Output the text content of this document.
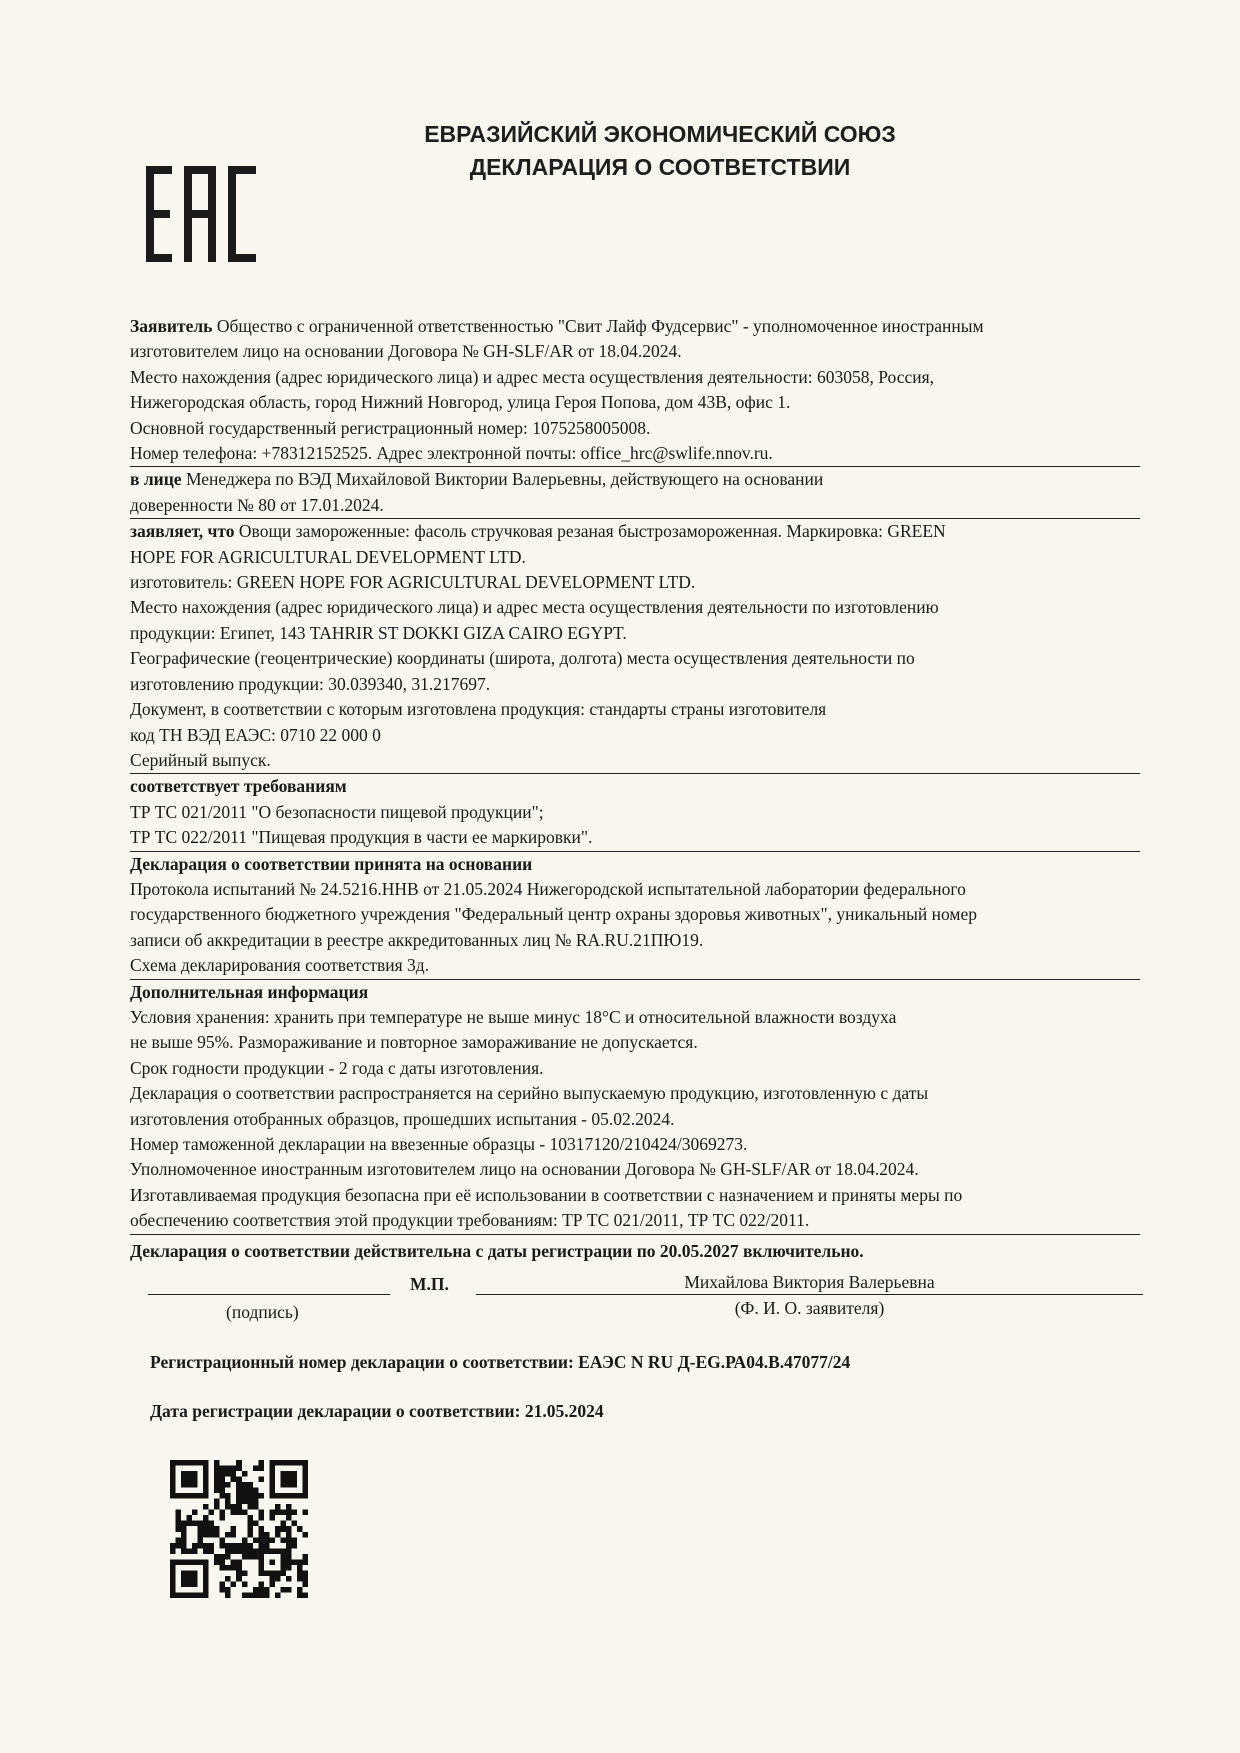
ЕВРАЗИЙСКИЙ ЭКОНОМИЧЕСКИЙ СОЮЗ
ДЕКЛАРАЦИЯ О СООТВЕТСТВИИ
Заявитель Общество с ограниченной ответственностью "Свит Лайф Фудсервис" - уполномоченное иностранным
изготовителем лицо на основании Договора № GH-SLF/AR от 18.04.2024.
Место нахождения (адрес юридического лица) и адрес места осуществления деятельности: 603058, Россия,
Нижегородская область, город Нижний Новгород, улица Героя Попова, дом 43В, офис 1.
Основной государственный регистрационный номер: 1075258005008.
Номер телефона: +78312152525. Адрес электронной почты: office_hrc@swlife.nnov.ru.
в лице Менеджера по ВЭД Михайловой Виктории Валерьевны, действующего на основании
доверенности № 80 от 17.01.2024.
заявляет, что Овощи замороженные: фасоль стручковая резаная быстрозамороженная. Маркировка: GREEN
HOPE FOR AGRICULTURAL DEVELOPMENT LTD.
изготовитель: GREEN HOPE FOR AGRICULTURAL DEVELOPMENT LTD.
Место нахождения (адрес юридического лица) и адрес места осуществления деятельности по изготовлению
продукции: Египет, 143 TAHRIR ST DOKKI GIZA CAIRO EGYPT.
Географические (геоцентрические) координаты (широта, долгота) места осуществления деятельности по
изготовлению продукции: 30.039340, 31.217697.
Документ, в соответствии с которым изготовлена продукция: стандарты страны изготовителя
код ТН ВЭД ЕАЭС: 0710 22 000 0
Серийный выпуск.
соответствует требованиям
ТР ТС 021/2011 "О безопасности пищевой продукции";
ТР ТС 022/2011 "Пищевая продукция в части ее маркировки".
Декларация о соответствии принята на основании
Протокола испытаний № 24.5216.ННВ от 21.05.2024 Нижегородской испытательной лаборатории федерального
государственного бюджетного учреждения "Федеральный центр охраны здоровья животных", уникальный номер
записи об аккредитации в реестре аккредитованных лиц № RA.RU.21ПЮ19.
Схема декларирования соответствия 3д.
Дополнительная информация
Условия хранения: хранить при температуре не выше минус 18°C и относительной влажности воздуха
не выше 95%. Размораживание и повторное замораживание не допускается.
Срок годности продукции - 2 года с даты изготовления.
Декларация о соответствии распространяется на серийно выпускаемую продукцию, изготовленную с даты
изготовления отобранных образцов, прошедших испытания - 05.02.2024.
Номер таможенной декларации на ввезенные образцы - 10317120/210424/3069273.
Уполномоченное иностранным изготовителем лицо на основании Договора № GH-SLF/AR от 18.04.2024.
Изготавливаемая продукция безопасна при её использовании в соответствии с назначением и приняты меры по
обеспечению соответствия этой продукции требованиям: ТР ТС 021/2011, ТР ТС 022/2011.
Декларация о соответствии действительна с даты регистрации по 20.05.2027 включительно.
(подпись)
М.П.	Михайлова Виктория Валерьевна
(Ф. И. О. заявителя)
Регистрационный номер декларации о соответствии: ЕАЭС N RU Д-EG.РА04.В.47077/24
Дата регистрации декларации о соответствии: 21.05.2024
